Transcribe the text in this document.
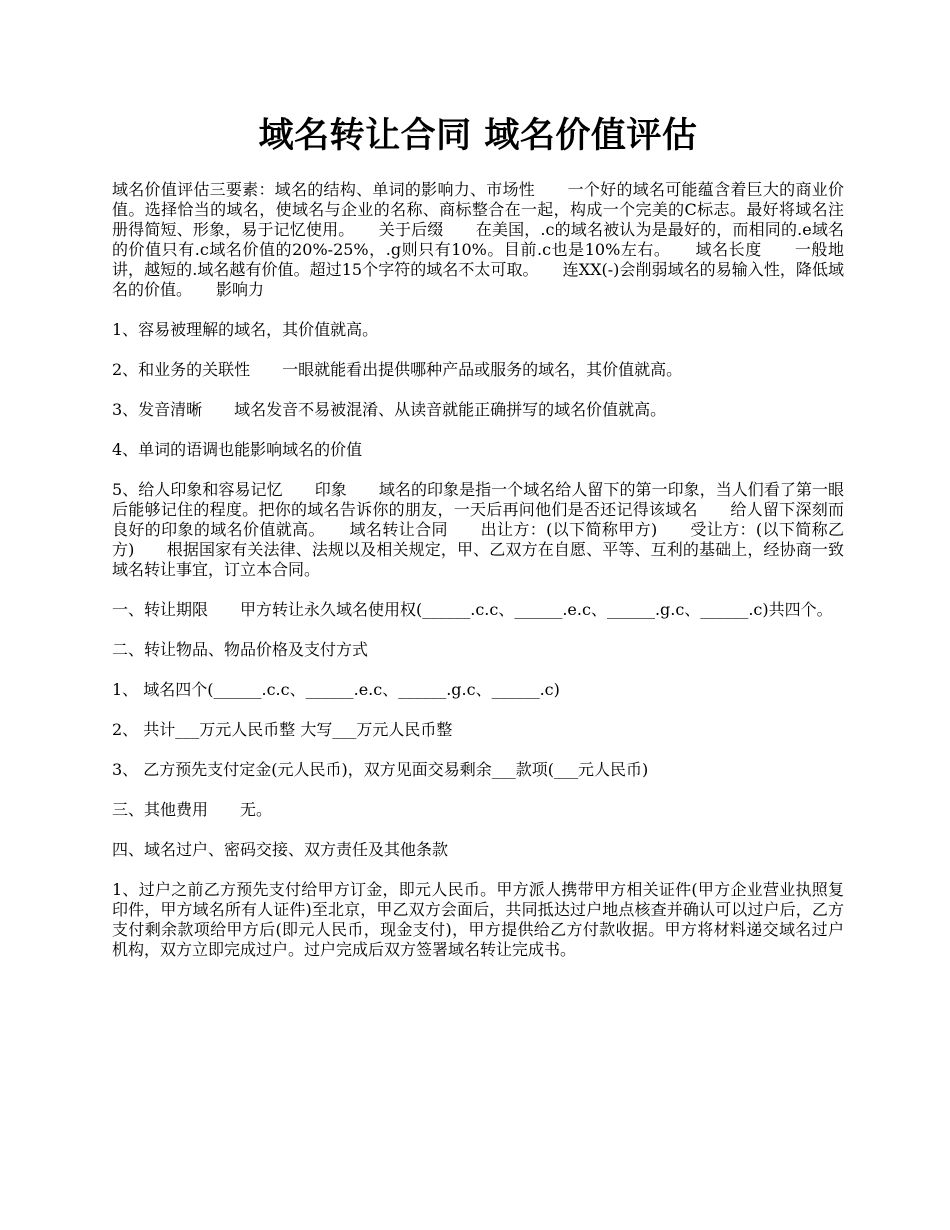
域名转让合同 域名价值评估

域名价值评估三要素：域名的结构、单词的影响力、市场性　　一个好的域名可能蕴含着巨大的商业价值。选择恰当的域名，使域名与企业的名称、商标整合在一起，构成一个完美的C标志。最好将域名注册得简短、形象，易于记忆使用。　　关于后缀　　在美国，.c的域名被认为是最好的，而相同的.e域名的价值只有.c域名价值的20%-25%，.g则只有10%。目前.c也是10%左右。　　域名长度　　一般地讲，越短的.域名越有价值。超过15个字符的域名不太可取。　　连XX(-)会削弱域名的易输入性，降低域名的价值。　　影响力

1、容易被理解的域名，其价值就高。

2、和业务的关联性　　一眼就能看出提供哪种产品或服务的域名，其价值就高。

3、发音清晰　　域名发音不易被混淆、从读音就能正确拼写的域名价值就高。

4、单词的语调也能影响域名的价值

5、给人印象和容易记忆　　印象　　域名的印象是指一个域名给人留下的第一印象，当人们看了第一眼后能够记住的程度。把你的域名告诉你的朋友，一天后再问他们是否还记得该域名　　给人留下深刻而良好的印象的域名价值就高。　　域名转让合同　　出让方：(以下简称甲方)　　受让方：(以下简称乙方)　　根据国家有关法律、法规以及相关规定，甲、乙双方在自愿、平等、互利的基础上，经协商一致域名转让事宜，订立本合同。

一、转让期限　　甲方转让永久域名使用权(______.c.c、______.e.c、______.g.c、______.c)共四个。

二、转让物品、物品价格及支付方式

1、 域名四个(______.c.c、______.e.c、______.g.c、______.c)

2、 共计___万元人民币整 大写___万元人民币整

3、 乙方预先支付定金(元人民币)，双方见面交易剩余___款项(___元人民币)

三、其他费用　　无。

四、域名过户、密码交接、双方责任及其他条款

1、过户之前乙方预先支付给甲方订金，即元人民币。甲方派人携带甲方相关证件(甲方企业营业执照复印件，甲方域名所有人证件)至北京，甲乙双方会面后，共同抵达过户地点核查并确认可以过户后，乙方支付剩余款项给甲方后(即元人民币，现金支付)，甲方提供给乙方付款收据。甲方将材料递交域名过户机构，双方立即完成过户。过户完成后双方签署域名转让完成书。
